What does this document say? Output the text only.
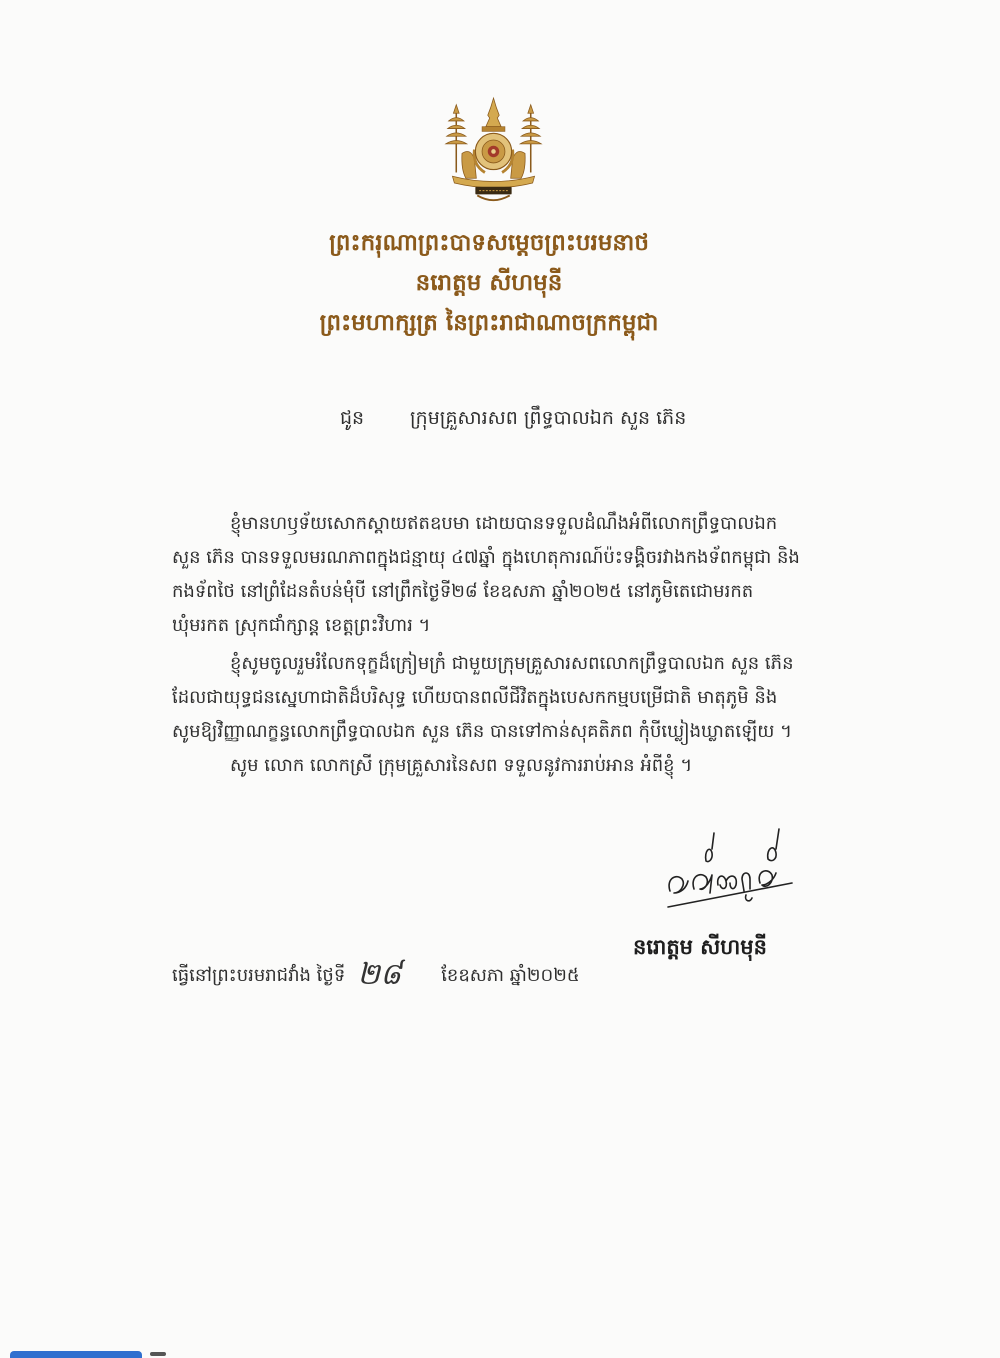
ព្រះករុណាព្រះបាទសម្តេចព្រះបរមនាថ
នរោត្តម សីហមុនី
ព្រះមហាក្សត្រ នៃព្រះរាជាណាចក្រកម្ពុជា
ជូន ក្រុមគ្រួសារសព ព្រឹទ្ធបាលឯក សួន ភ៊េន
ខ្ញុំមានហឫទ័យសោកស្ដាយឥតឧបមា ដោយបានទទួលដំណឹងអំពីលោកព្រឹទ្ធបាលឯក
សួន ភ៊េន បានទទួលមរណភាពក្នុងជន្មាយុ ៤៧ឆ្នាំ ក្នុងហេតុការណ៍ប៉ះទង្គិចរវាងកងទ័ពកម្ពុជា និង
កងទ័ពថៃ នៅព្រំដែនតំបន់មុំបី នៅព្រឹកថ្ងៃទី២៨ ខែឧសភា ឆ្នាំ២០២៥ នៅភូមិតេជោមរកត
ឃុំមរកត ស្រុកជាំក្សាន្ត ខេត្តព្រះវិហារ ។
ខ្ញុំសូមចូលរួមរំលែកទុក្ខដ៏ក្រៀមក្រំ ជាមួយក្រុមគ្រួសារសពលោកព្រឹទ្ធបាលឯក សួន ភ៊េន
ដែលជាយុទ្ធជនស្នេហាជាតិដ៏បរិសុទ្ធ ហើយបានពលីជីវិតក្នុងបេសកកម្មបម្រើជាតិ មាតុភូមិ និង
សូមឱ្យវិញ្ញាណក្ខន្ធលោកព្រឹទ្ធបាលឯក សួន ភ៊េន បានទៅកាន់សុគតិភព កុំបីឃ្លៀងឃ្លាតឡើយ ។
សូម លោក លោកស្រី ក្រុមគ្រួសារនៃសព ទទួលនូវការរាប់អាន អំពីខ្ញុំ ។
នរោត្តម សីហមុនី
ធ្វើនៅព្រះបរមរាជវាំង ថ្ងៃទី ២៨ ខែឧសភា ឆ្នាំ២០២៥
